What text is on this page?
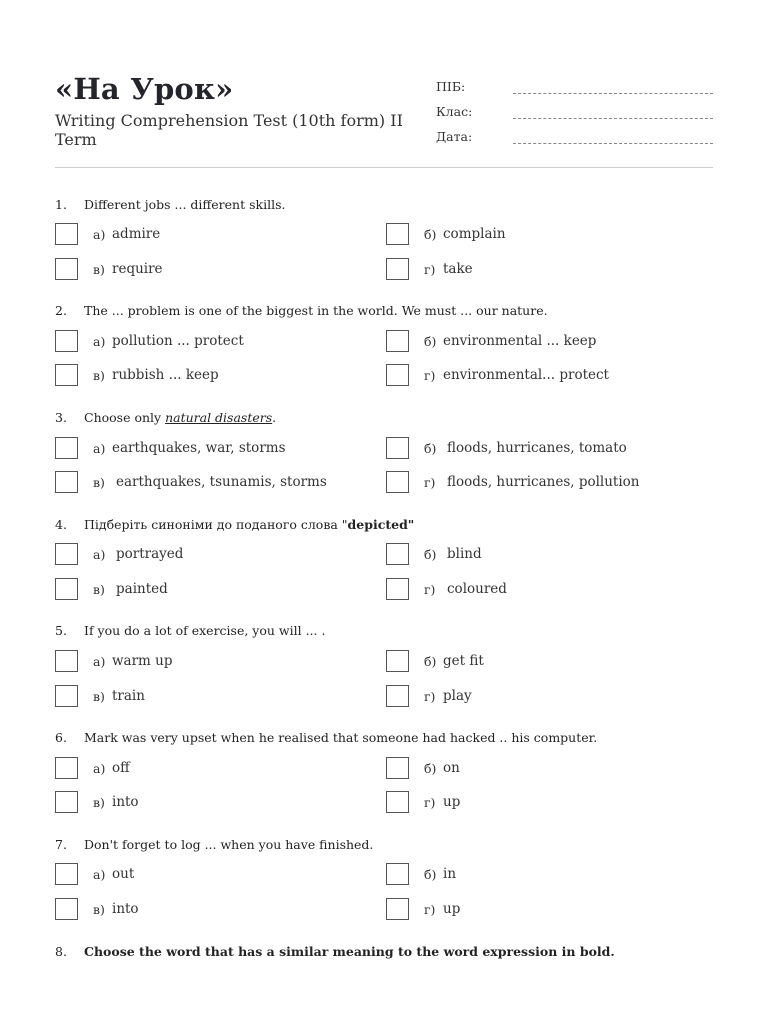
«На Урок»
Writing Comprehension Test (10th form) II Term
ПІБ:
Клас:
Дата:
1. Different jobs ... different skills.
а) admire	б) complain
в) require	г) take
2. The ... problem is one of the biggest in the world. We must ... our nature.
а) pollution ... protect	б) environmental ... keep
в) rubbish ... keep	г) environmental... protect
3. Choose only natural disasters.
а) earthquakes, war, storms	б) floods, hurricanes, tomato
в) earthquakes, tsunamis, storms	г) floods, hurricanes, pollution
4. Підберіть синоніми до поданого слова "depicted"
а) portrayed	б) blind
в) painted	г) coloured
5. If you do a lot of exercise, you will ... .
а) warm up	б) get fit
в) train	г) play
6. Mark was very upset when he realised that someone had hacked .. his computer.
а) off	б) on
в) into	г) up
7. Don't forget to log ... when you have finished.
а) out	б) in
в) into	г) up
8. Choose the word that has a similar meaning to the word expression in bold.
